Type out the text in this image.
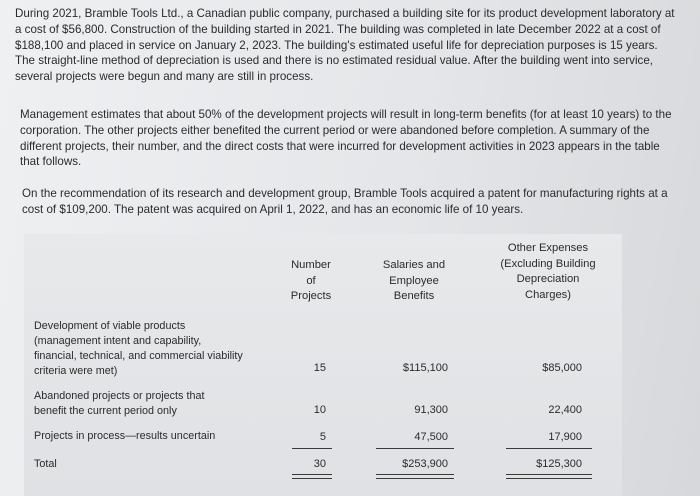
During 2021, Bramble Tools Ltd., a Canadian public company, purchased a building site for its product development laboratory at a cost of $56,800. Construction of the building started in 2021. The building was completed in late December 2022 at a cost of $188,100 and placed in service on January 2, 2023. The building's estimated useful life for depreciation purposes is 15 years. The straight-line method of depreciation is used and there is no estimated residual value. After the building went into service, several projects were begun and many are still in process.

Management estimates that about 50% of the development projects will result in long-term benefits (for at least 10 years) to the corporation. The other projects either benefited the current period or were abandoned before completion. A summary of the different projects, their number, and the direct costs that were incurred for development activities in 2023 appears in the table that follows.

On the recommendation of its research and development group, Bramble Tools acquired a patent for manufacturing rights at a cost of $109,200. The patent was acquired on April 1, 2022, and has an economic life of 10 years.

Number
of
Projects
Salaries and
Employee
Benefits
Other Expenses
(Excluding Building
Depreciation
Charges)
Development of viable products
(management intent and capability,
financial, technical, and commercial viability
criteria were met)	15	$115,100	$85,000
Abandoned projects or projects that
benefit the current period only	10	91,300	22,400
Projects in process—results uncertain	5	47,500	17,900
Total	30	$253,900	$125,300
